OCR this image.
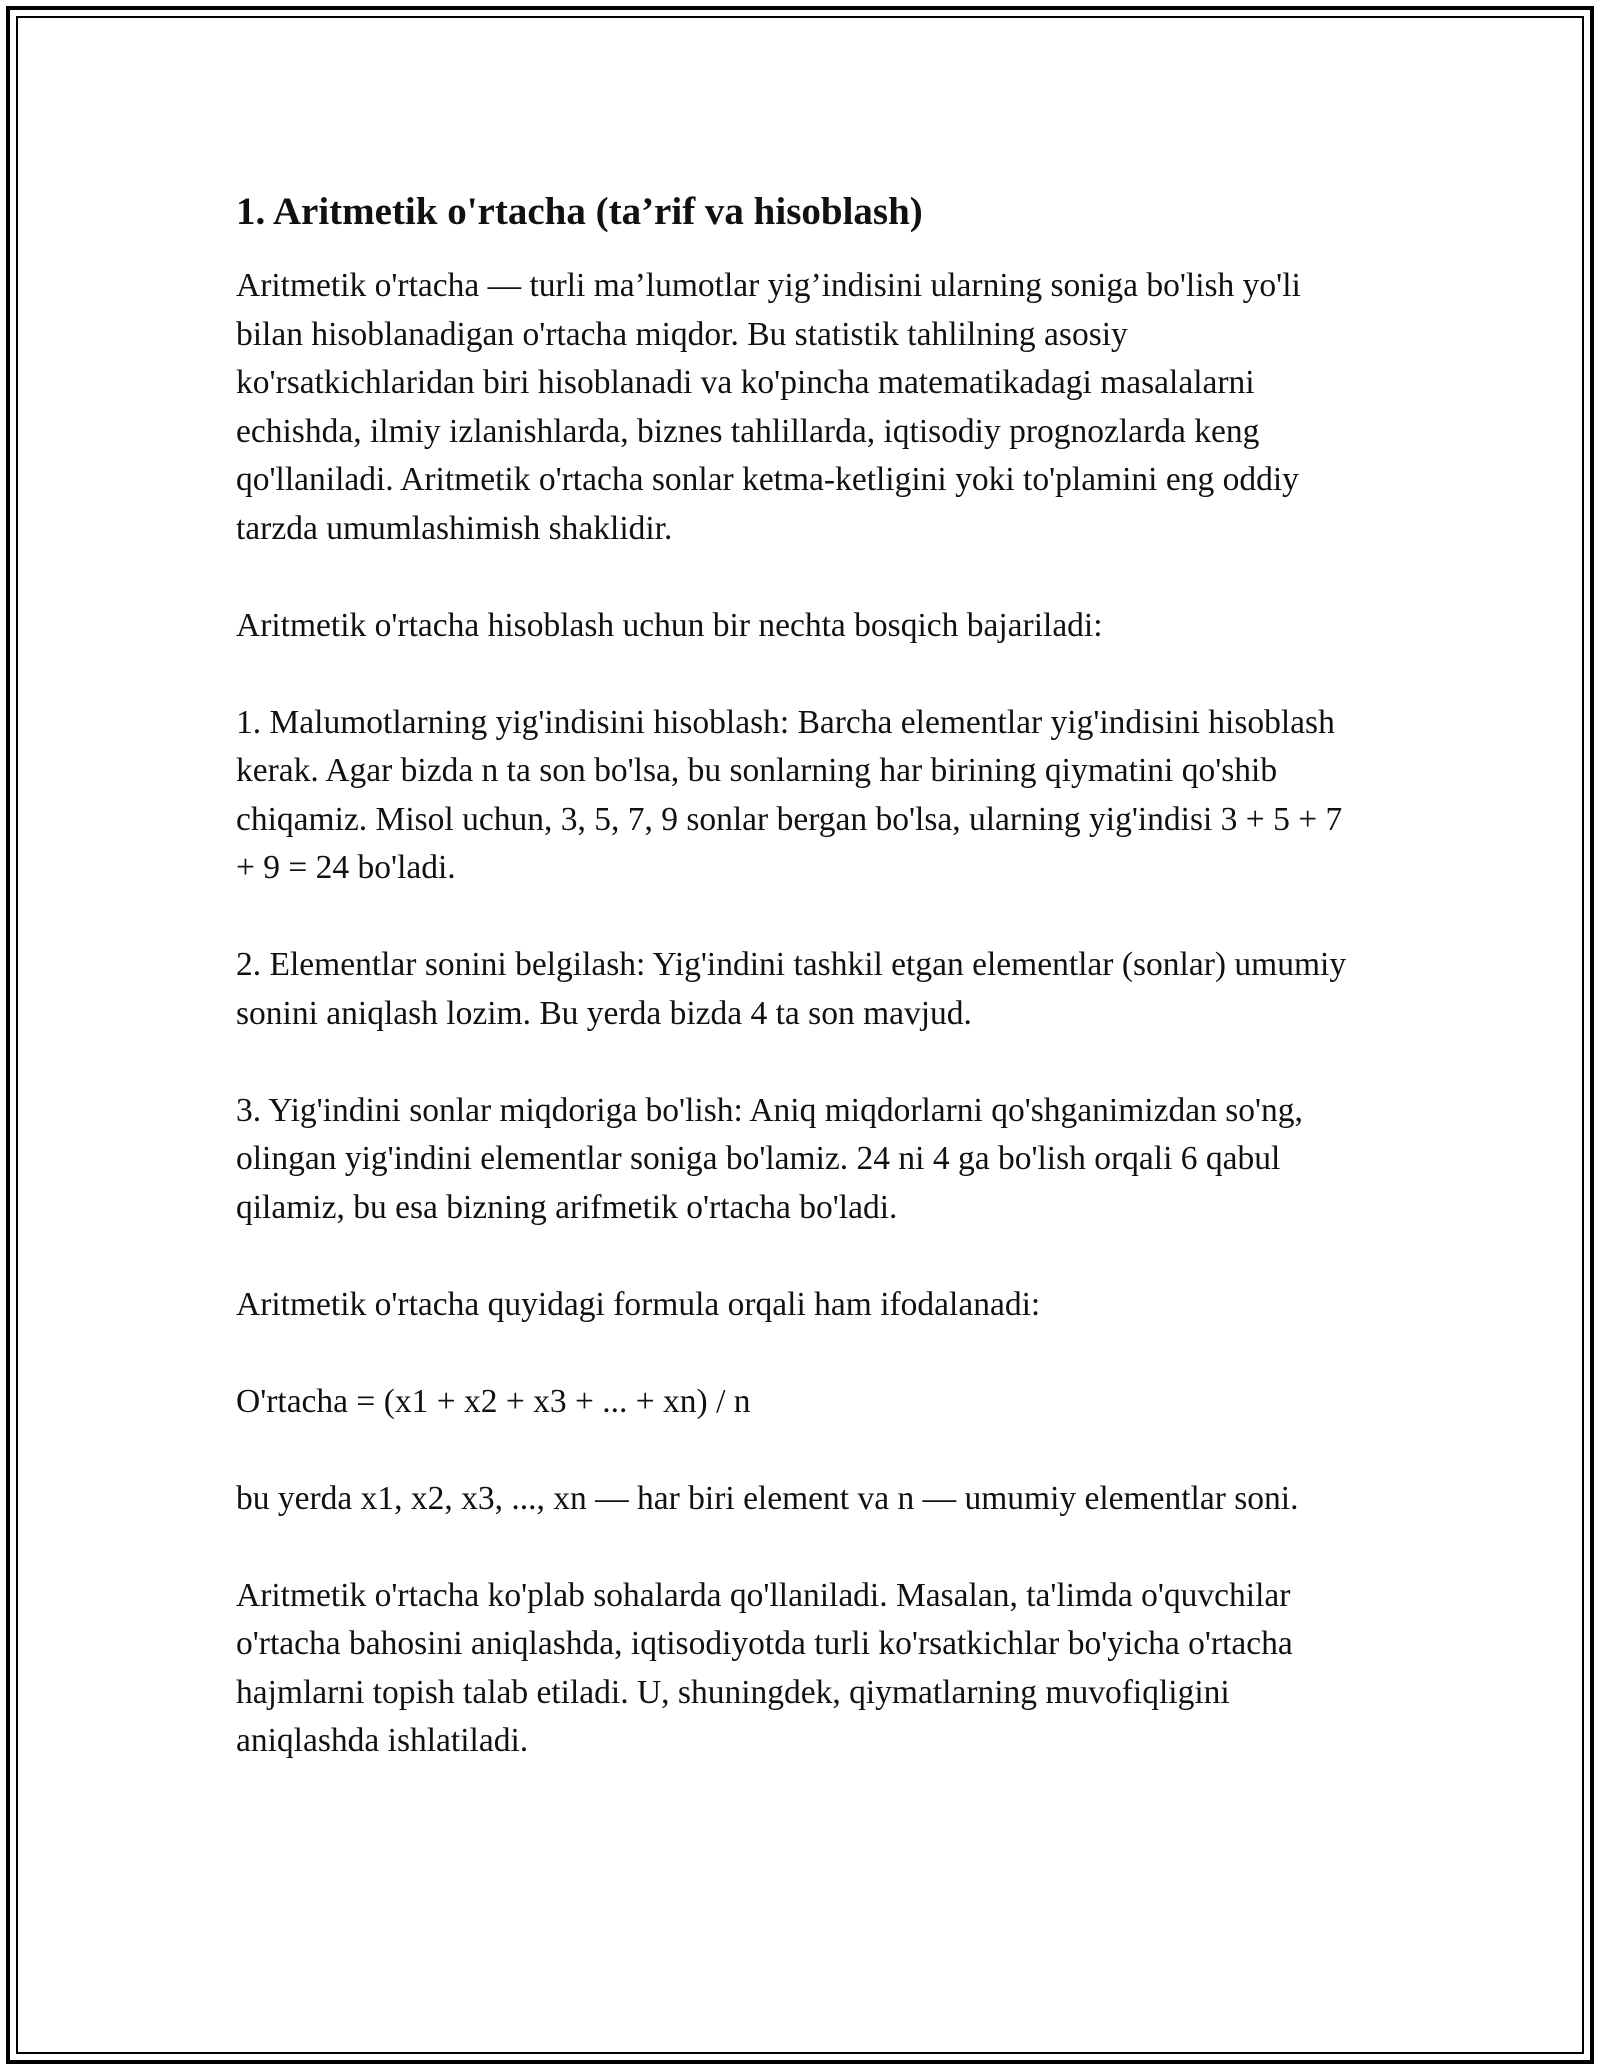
1. Aritmetik o'rtacha (ta’rif va hisoblash)

Aritmetik o'rtacha — turli ma’lumotlar yig’indisini ularning soniga bo'lish yo'li bilan hisoblanadigan o'rtacha miqdor. Bu statistik tahlilning asosiy ko'rsatkichlaridan biri hisoblanadi va ko'pincha matematikadagi masalalarni echishda, ilmiy izlanishlarda, biznes tahlillarda, iqtisodiy prognozlarda keng qo'llaniladi. Aritmetik o'rtacha sonlar ketma-ketligini yoki to'plamini eng oddiy tarzda umumlashimish shaklidir.

Aritmetik o'rtacha hisoblash uchun bir nechta bosqich bajariladi:

1. Malumotlarning yig'indisini hisoblash: Barcha elementlar yig'indisini hisoblash kerak. Agar bizda n ta son bo'lsa, bu sonlarning har birining qiymatini qo'shib chiqamiz. Misol uchun, 3, 5, 7, 9 sonlar bergan bo'lsa, ularning yig'indisi 3 + 5 + 7 + 9 = 24 bo'ladi.

2. Elementlar sonini belgilash: Yig'indini tashkil etgan elementlar (sonlar) umumiy sonini aniqlash lozim. Bu yerda bizda 4 ta son mavjud.

3. Yig'indini sonlar miqdoriga bo'lish: Aniq miqdorlarni qo'shganimizdan so'ng, olingan yig'indini elementlar soniga bo'lamiz. 24 ni 4 ga bo'lish orqali 6 qabul qilamiz, bu esa bizning arifmetik o'rtacha bo'ladi.

Aritmetik o'rtacha quyidagi formula orqali ham ifodalanadi:

O'rtacha = (x1 + x2 + x3 + ... + xn) / n

bu yerda x1, x2, x3, ..., xn — har biri element va n — umumiy elementlar soni.

Aritmetik o'rtacha ko'plab sohalarda qo'llaniladi. Masalan, ta'limda o'quvchilar o'rtacha bahosini aniqlashda, iqtisodiyotda turli ko'rsatkichlar bo'yicha o'rtacha hajmlarni topish talab etiladi. U, shuningdek, qiymatlarning muvofiqligini aniqlashda ishlatiladi.
